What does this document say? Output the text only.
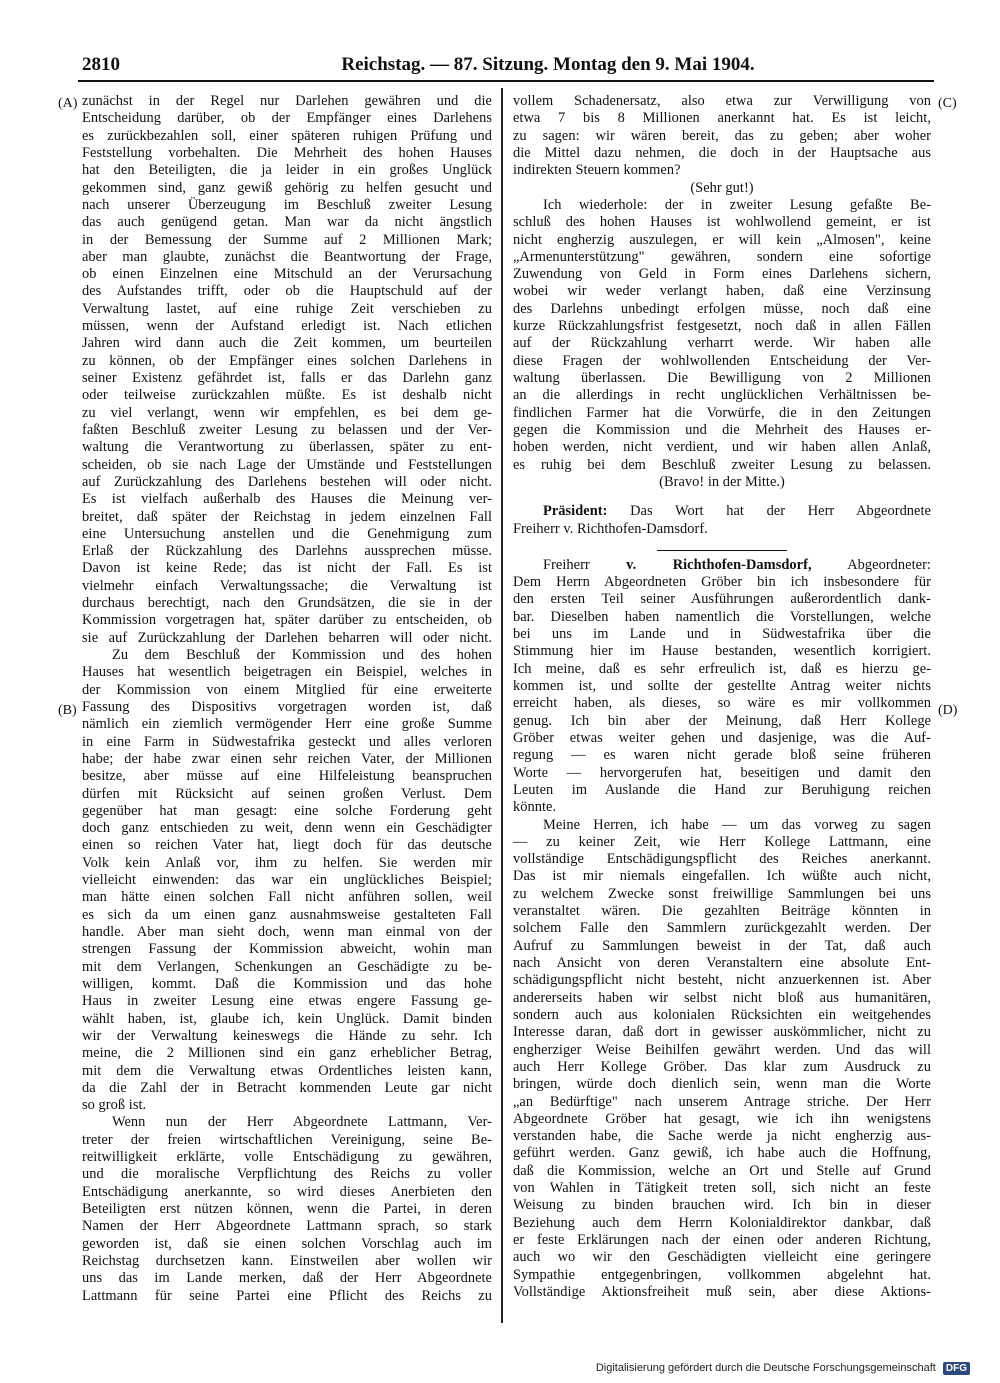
2810	Reichstag. — 87. Sitzung. Montag den 9. Mai 1904.
(A)
(B)
(C)
(D)
zunächst in der Regel nur Darlehen gewähren und die
Entscheidung darüber, ob der Empfänger eines Darlehens
es zurückbezahlen soll, einer späteren ruhigen Prüfung und
Feststellung vorbehalten. Die Mehrheit des hohen Hauses
hat den Beteiligten, die ja leider in ein großes Unglück
gekommen sind, ganz gewiß gehörig zu helfen gesucht und
nach unserer Überzeugung im Beschluß zweiter Lesung
das auch genügend getan. Man war da nicht ängstlich
in der Bemessung der Summe auf 2 Millionen Mark;
aber man glaubte, zunächst die Beantwortung der Frage,
ob einen Einzelnen eine Mitschuld an der Verursachung
des Aufstandes trifft, oder ob die Hauptschuld auf der
Verwaltung lastet, auf eine ruhige Zeit verschieben zu
müssen, wenn der Aufstand erledigt ist. Nach etlichen
Jahren wird dann auch die Zeit kommen, um beurteilen
zu können, ob der Empfänger eines solchen Darlehens in
seiner Existenz gefährdet ist, falls er das Darlehn ganz
oder teilweise zurückzahlen müßte. Es ist deshalb nicht
zu viel verlangt, wenn wir empfehlen, es bei dem ge-
faßten Beschluß zweiter Lesung zu belassen und der Ver-
waltung die Verantwortung zu überlassen, später zu ent-
scheiden, ob sie nach Lage der Umstände und Feststellungen
auf Zurückzahlung des Darlehens bestehen will oder nicht.
Es ist vielfach außerhalb des Hauses die Meinung ver-
breitet, daß später der Reichstag in jedem einzelnen Fall
eine Untersuchung anstellen und die Genehmigung zum
Erlaß der Rückzahlung des Darlehns aussprechen müsse.
Davon ist keine Rede; das ist nicht der Fall. Es ist
vielmehr einfach Verwaltungssache; die Verwaltung ist
durchaus berechtigt, nach den Grundsätzen, die sie in der
Kommission vorgetragen hat, später darüber zu entscheiden, ob
sie auf Zurückzahlung der Darlehen beharren will oder nicht.
Zu dem Beschluß der Kommission und des hohen
Hauses hat wesentlich beigetragen ein Beispiel, welches in
der Kommission von einem Mitglied für eine erweiterte
Fassung des Dispositivs vorgetragen worden ist, daß
nämlich ein ziemlich vermögender Herr eine große Summe
in eine Farm in Südwestafrika gesteckt und alles verloren
habe; der habe zwar einen sehr reichen Vater, der Millionen
besitze, aber müsse auf eine Hilfeleistung beanspruchen
dürfen mit Rücksicht auf seinen großen Verlust. Dem
gegenüber hat man gesagt: eine solche Forderung geht
doch ganz entschieden zu weit, denn wenn ein Geschädigter
einen so reichen Vater hat, liegt doch für das deutsche
Volk kein Anlaß vor, ihm zu helfen. Sie werden mir
vielleicht einwenden: das war ein unglückliches Beispiel;
man hätte einen solchen Fall nicht anführen sollen, weil
es sich da um einen ganz ausnahmsweise gestalteten Fall
handle. Aber man sieht doch, wenn man einmal von der
strengen Fassung der Kommission abweicht, wohin man
mit dem Verlangen, Schenkungen an Geschädigte zu be-
willigen, kommt. Daß die Kommission und das hohe
Haus in zweiter Lesung eine etwas engere Fassung ge-
wählt haben, ist, glaube ich, kein Unglück. Damit binden
wir der Verwaltung keineswegs die Hände zu sehr. Ich
meine, die 2 Millionen sind ein ganz erheblicher Betrag,
mit dem die Verwaltung etwas Ordentliches leisten kann,
da die Zahl der in Betracht kommenden Leute gar nicht
so groß ist.
Wenn nun der Herr Abgeordnete Lattmann, Ver-
treter der freien wirtschaftlichen Vereinigung, seine Be-
reitwilligkeit erklärte, volle Entschädigung zu gewähren,
und die moralische Verpflichtung des Reichs zu voller
Entschädigung anerkannte, so wird dieses Anerbieten den
Beteiligten erst nützen können, wenn die Partei, in deren
Namen der Herr Abgeordnete Lattmann sprach, so stark
geworden ist, daß sie einen solchen Vorschlag auch im
Reichstag durchsetzen kann. Einstweilen aber wollen wir
uns das im Lande merken, daß der Herr Abgeordnete
Lattmann für seine Partei eine Pflicht des Reichs zu
vollem Schadenersatz, also etwa zur Verwilligung von
etwa 7 bis 8 Millionen anerkannt hat. Es ist leicht,
zu sagen: wir wären bereit, das zu geben; aber woher
die Mittel dazu nehmen, die doch in der Hauptsache aus
indirekten Steuern kommen?
(Sehr gut!)
Ich wiederhole: der in zweiter Lesung gefaßte Be-
schluß des hohen Hauses ist wohlwollend gemeint, er ist
nicht engherzig auszulegen, er will kein „Almosen", keine
„Armenunterstützung" gewähren, sondern eine sofortige
Zuwendung von Geld in Form eines Darlehens sichern,
wobei wir weder verlangt haben, daß eine Verzinsung
des Darlehns unbedingt erfolgen müsse, noch daß eine
kurze Rückzahlungsfrist festgesetzt, noch daß in allen Fällen
auf der Rückzahlung verharrt werde. Wir haben alle
diese Fragen der wohlwollenden Entscheidung der Ver-
waltung überlassen. Die Bewilligung von 2 Millionen
an die allerdings in recht unglücklichen Verhältnissen be-
findlichen Farmer hat die Vorwürfe, die in den Zeitungen
gegen die Kommission und die Mehrheit des Hauses er-
hoben werden, nicht verdient, und wir haben allen Anlaß,
es ruhig bei dem Beschluß zweiter Lesung zu belassen.
(Bravo! in der Mitte.)
Präsident: Das Wort hat der Herr Abgeordnete
Freiherr v. Richthofen-Damsdorf.
Freiherr	v. Richthofen-Damsdorf, Abgeordneter:
Dem Herrn Abgeordneten Gröber bin ich insbesondere für
den ersten Teil seiner Ausführungen außerordentlich dank-
bar. Dieselben haben namentlich die Vorstellungen, welche
bei uns im Lande und in Südwestafrika über die
Stimmung hier im Hause bestanden, wesentlich korrigiert.
Ich meine, daß es sehr erfreulich ist, daß es hierzu ge-
kommen ist, und sollte der gestellte Antrag weiter nichts
erreicht haben, als dieses, so wäre es mir vollkommen
genug. Ich bin aber der Meinung, daß Herr Kollege
Gröber etwas weiter gehen und dasjenige, was die Auf-
regung — es waren nicht gerade bloß seine früheren
Worte — hervorgerufen hat, beseitigen und damit den
Leuten im Auslande die Hand zur Beruhigung reichen
könnte.
Meine Herren, ich habe — um das vorweg zu sagen
— zu keiner Zeit, wie Herr Kollege Lattmann, eine
vollständige Entschädigungspflicht des Reiches anerkannt.
Das ist mir niemals eingefallen. Ich wüßte auch nicht,
zu welchem Zwecke sonst freiwillige Sammlungen bei uns
veranstaltet wären. Die gezahlten Beiträge könnten in
solchem Falle den Sammlern zurückgezahlt werden. Der
Aufruf zu Sammlungen beweist in der Tat, daß auch
nach Ansicht von deren Veranstaltern eine absolute Ent-
schädigungspflicht nicht besteht, nicht anzuerkennen ist. Aber
andererseits haben wir selbst nicht bloß aus humanitären,
sondern auch aus kolonialen Rücksichten ein weitgehendes
Interesse daran, daß dort in gewisser auskömmlicher, nicht zu
engherziger Weise Beihilfen gewährt werden. Und das will
auch Herr Kollege Gröber. Das klar zum Ausdruck zu
bringen, würde doch dienlich sein, wenn man die Worte
„an Bedürftige" nach unserem Antrage striche. Der Herr
Abgeordnete Gröber hat gesagt, wie ich ihn wenigstens
verstanden habe, die Sache werde ja nicht engherzig aus-
geführt werden. Ganz gewiß, ich habe auch die Hoffnung,
daß die Kommission, welche an Ort und Stelle auf Grund
von Wahlen in Tätigkeit treten soll, sich nicht an feste
Weisung zu binden brauchen wird. Ich bin in dieser
Beziehung auch dem Herrn Kolonialdirektor dankbar, daß
er feste Erklärungen nach der einen oder anderen Richtung,
auch wo wir den Geschädigten vielleicht eine geringere
Sympathie entgegenbringen, vollkommen abgelehnt hat.
Vollständige Aktionsfreiheit muß sein, aber diese Aktions-
Digitalisierung gefördert durch die Deutsche Forschungsgemeinschaft DFG
